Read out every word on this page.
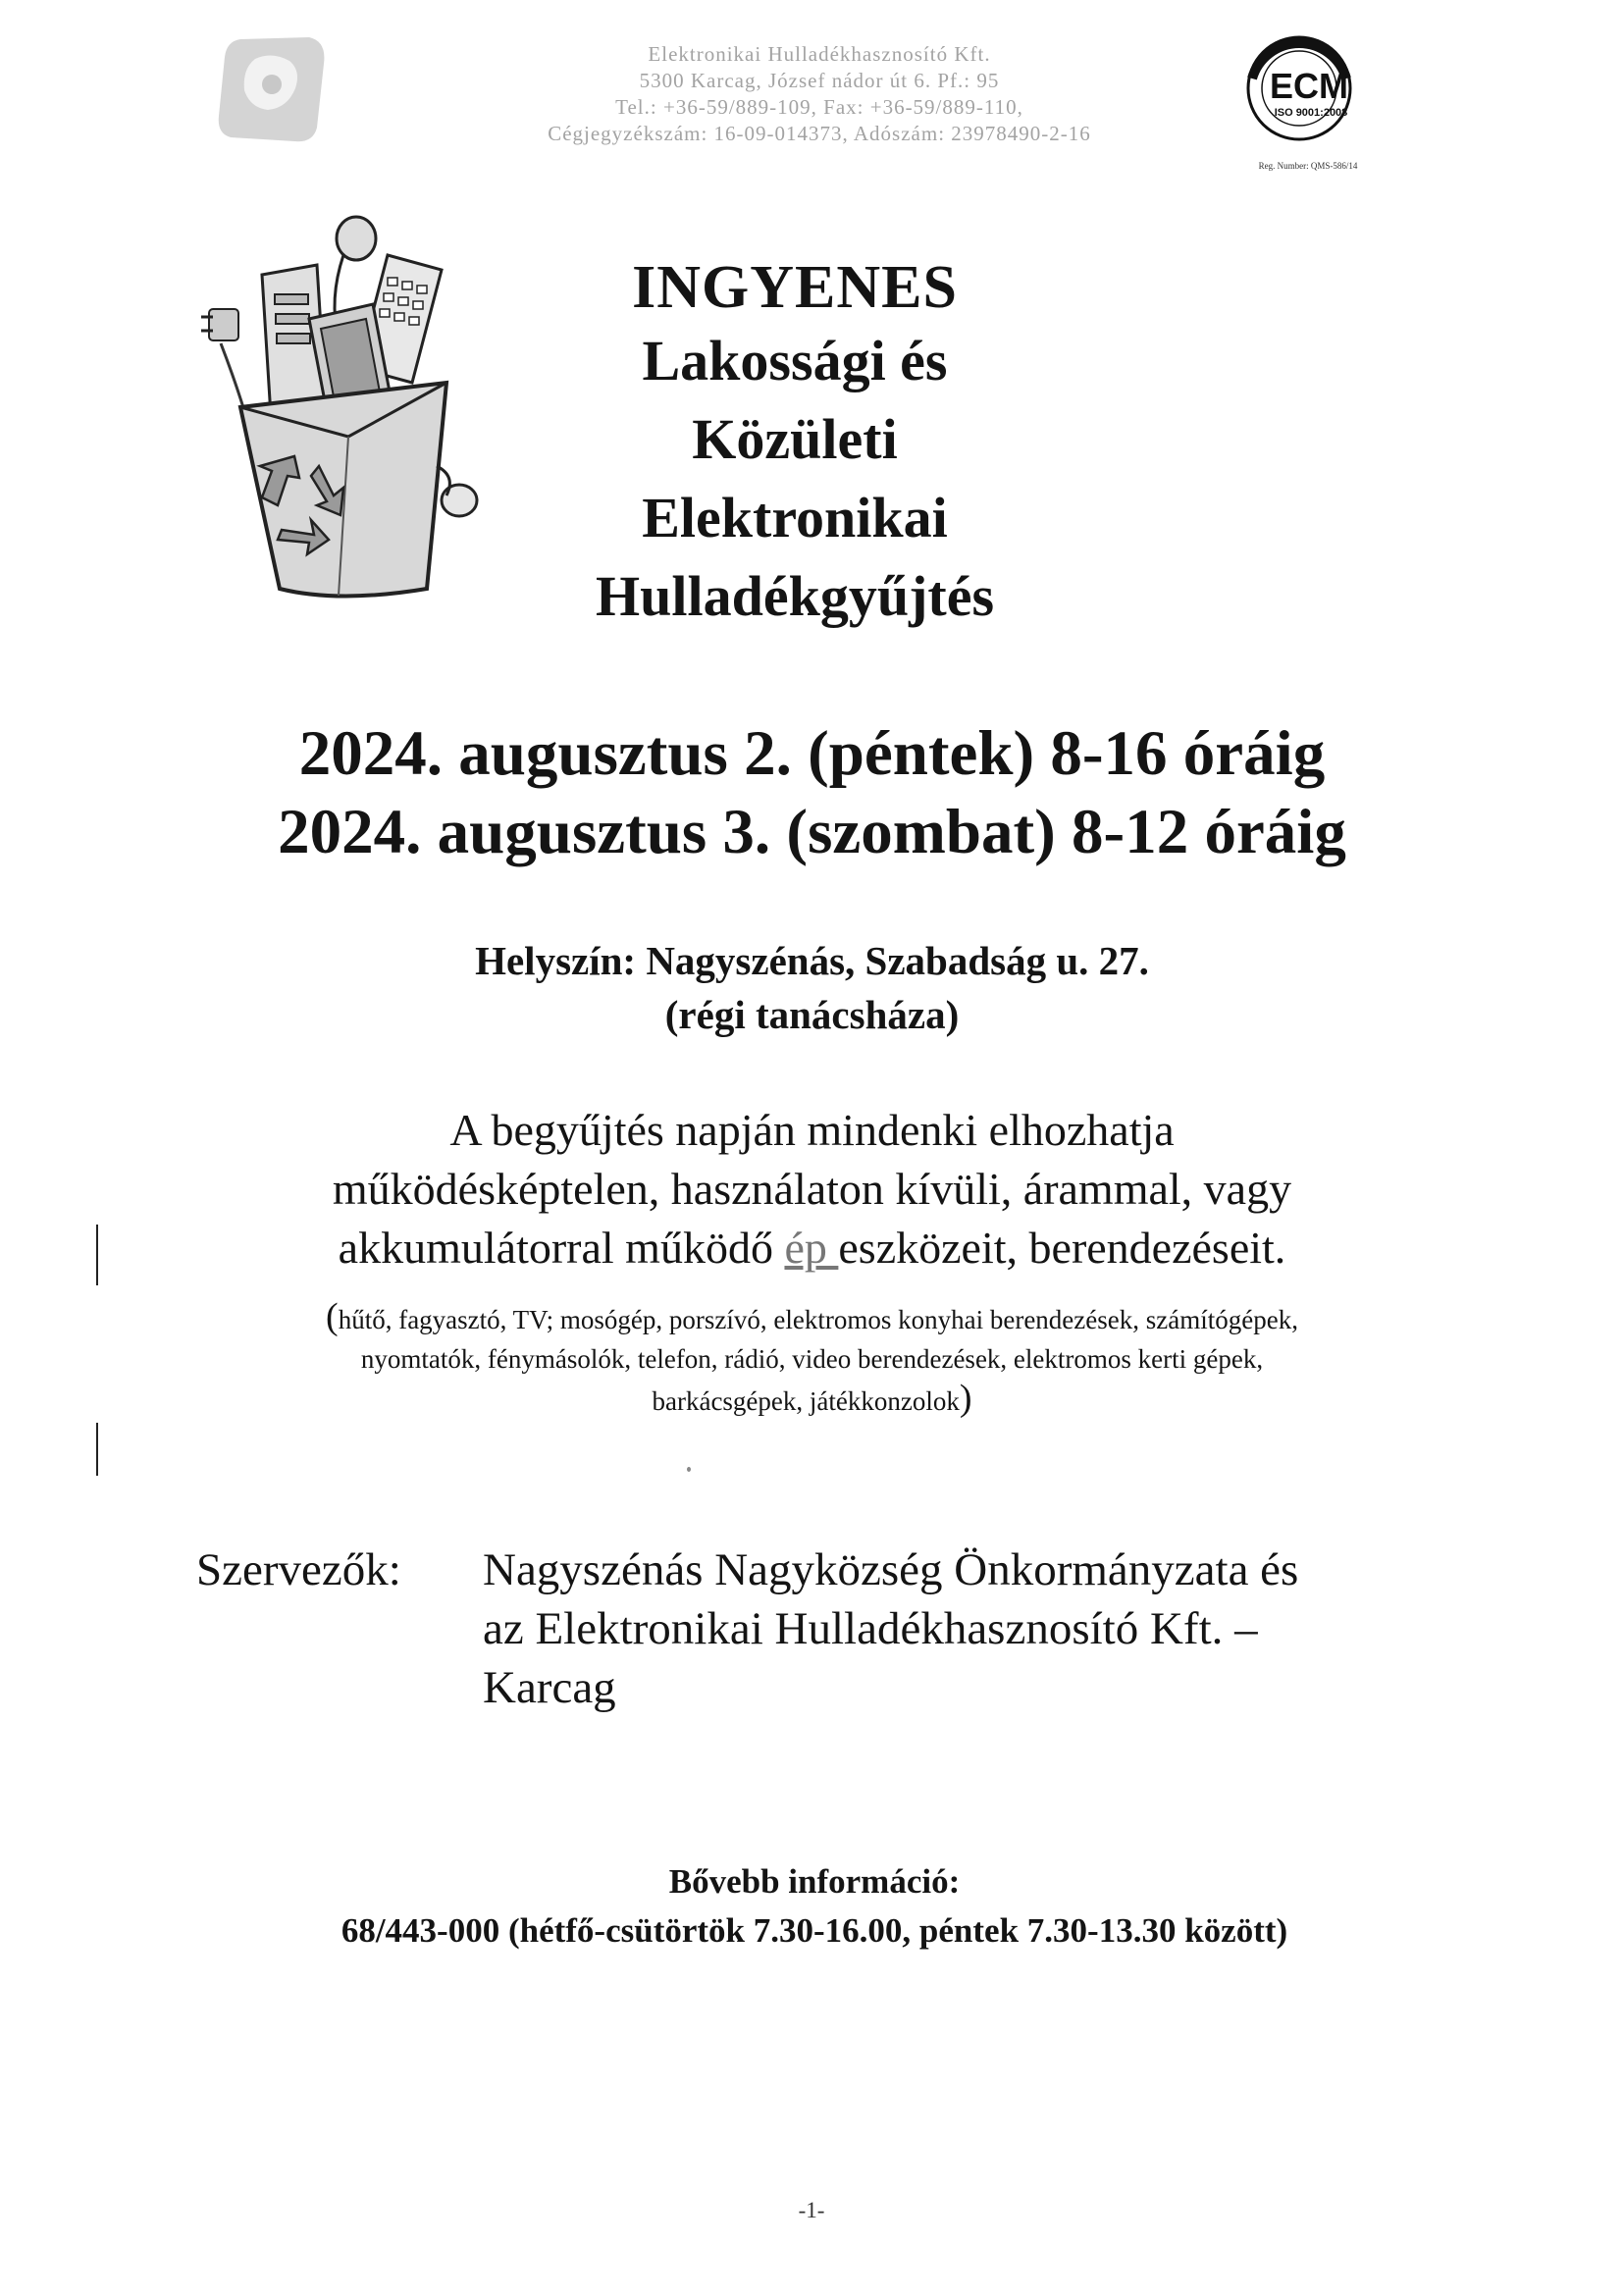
Elektronikai Hulladékhasznosító Kft.
5300 Karcag, József nádor út 6. Pf.: 95
Tel.: +36-59/889-109, Fax: +36-59/889-110,
Cégjegyzékszám: 16-09-014373, Adószám: 23978490-2-16
ECM
ISO 9001:2008
Reg. Number: QMS-586/14
INGYENES
Lakossági és Közületi
Elektronikai
Hulladékgyűjtés
2024. augusztus 2. (péntek) 8-16 óráig
2024. augusztus 3. (szombat) 8-12 óráig
Helyszín: Nagyszénás, Szabadság u. 27.
(régi tanácsháza)
A begyűjtés napján mindenki elhozhatja
működésképtelen, használaton kívüli, árammal, vagy
akkumulátorral működő ép eszközeit, berendezéseit.
(hűtő, fagyasztó, TV; mosógép, porszívó, elektromos konyhai berendezések, számítógépek,
nyomtatók, fénymásolók, telefon, rádió, video berendezések, elektromos kerti gépek,
barkácsgépek, játékkonzolok)
Szervezők:	Nagyszénás Nagyközség Önkormányzata és
az Elektronikai Hulladékhasznosító Kft. –
Karcag
Bővebb információ:
68/443-000 (hétfő-csütörtök 7.30-16.00, péntek 7.30-13.30 között)
-1-
